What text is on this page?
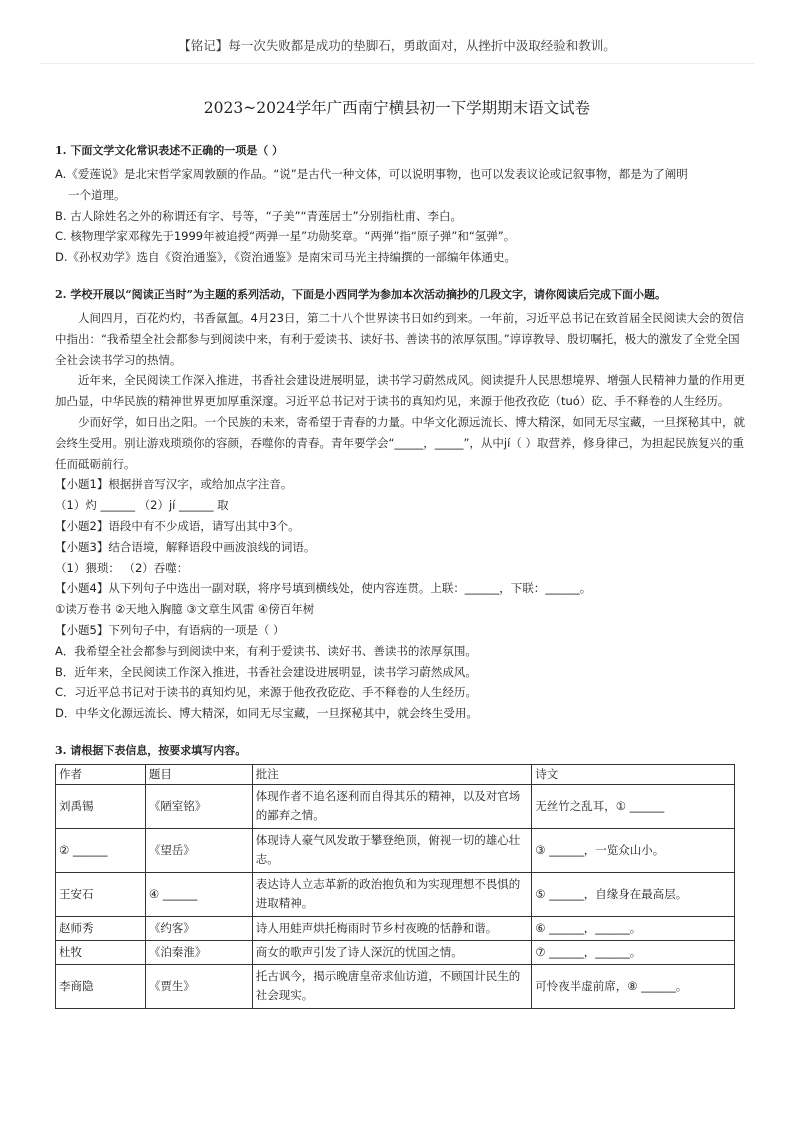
【铭记】每一次失败都是成功的垫脚石，勇敢面对，从挫折中汲取经验和教训。
2023~2024学年广西南宁横县初一下学期期末语文试卷

1. 下面文学文化常识表述不正确的一项是（ ）

A.《爱莲说》是北宋哲学家周敦颐的作品。“说”是古代一种文体，可以说明事物，也可以发表议论或记叙事物，都是为了阐明

一个道理。

B. 古人除姓名之外的称谓还有字、号等，“子美”“青莲居士”分别指杜甫、李白。

C. 核物理学家邓稼先于1999年被追授“两弹一星”功勋奖章。“两弹”指“原子弹”和“氢弹”。

D.《孙权劝学》选自《资治通鉴》，《资治通鉴》是南宋司马光主持编撰的一部编年体通史。

2. 学校开展以“阅读正当时”为主题的系列活动，下面是小西同学为参加本次活动摘抄的几段文字，请你阅读后完成下面小题。

人间四月，百花灼灼，书香氤氲。4月23日，第二十八个世界读书日如约到来。一年前，习近平总书记在致首届全民阅读大会的贺信中指出：“我希望全社会都参与到阅读中来，有利于爱读书、读好书、善读书的浓厚氛围。”谆谆教导、殷切嘱托，极大的激发了全党全国全社会读书学习的热情。

近年来，全民阅读工作深入推进，书香社会建设进展明显，读书学习蔚然成风。阅读提升人民思想境界、增强人民精神力量的作用更加凸显，中华民族的精神世界更加厚重深邃。习近平总书记对于读书的真知灼见，来源于他孜孜矻（tuó）矻、手不释卷的人生经历。

少而好学，如日出之阳。一个民族的未来，寄希望于青春的力量。中华文化源远流长、博大精深，如同无尽宝藏，一旦探秘其中，就会终生受用。别让游戏琐琐你的容颜，吞噬你的青春。青年要学会“_____，_____”，从中jí（ ）取营养，修身律己，为担起民族复兴的重任而砥砺前行。

【小题1】根据拼音写汉字，或给加点字注音。

（1）灼 ______ （2）jí ______ 取

【小题2】语段中有不少成语，请写出其中3个。

【小题3】结合语境，解释语段中画波浪线的词语。

（1）猥琐： （2）吞噬：

【小题4】从下列句子中选出一副对联，将序号填到横线处，使内容连贯。上联：______，下联：______。

①读万卷书 ②天地入胸臆 ③文章生风雷 ④傍百年树

【小题5】下列句子中，有语病的一项是（ ）

A．我希望全社会都参与到阅读中来，有利于爱读书、读好书、善读书的浓厚氛围。

B．近年来，全民阅读工作深入推进，书香社会建设进展明显，读书学习蔚然成风。

C．习近平总书记对于读书的真知灼见，来源于他孜孜矻矻、手不释卷的人生经历。

D．中华文化源远流长、博大精深，如同无尽宝藏，一旦探秘其中，就会终生受用。

3. 请根据下表信息，按要求填写内容。

作者	题目	批注	诗文
刘禹锡	《陋室铭》	体现作者不追名逐利而自得其乐的精神，以及对官场的鄙弃之情。	无丝竹之乱耳，① ______
② ______	《望岳》	体现诗人豪气风发敢于攀登绝顶，俯视一切的雄心壮志。	③ ______，一览众山小。
王安石	④ ______	表达诗人立志革新的政治抱负和为实现理想不畏惧的进取精神。	⑤ ______，自缘身在最高层。
赵师秀	《约客》	诗人用蛙声烘托梅雨时节乡村夜晚的恬静和谐。	⑥ ______，______。
杜牧	《泊秦淮》	商女的歌声引发了诗人深沉的忧国之情。	⑦ ______，______。
李商隐	《贾生》	托古讽今，揭示晚唐皇帝求仙访道，不顾国计民生的社会现实。	可怜夜半虚前席，⑧ ______。
